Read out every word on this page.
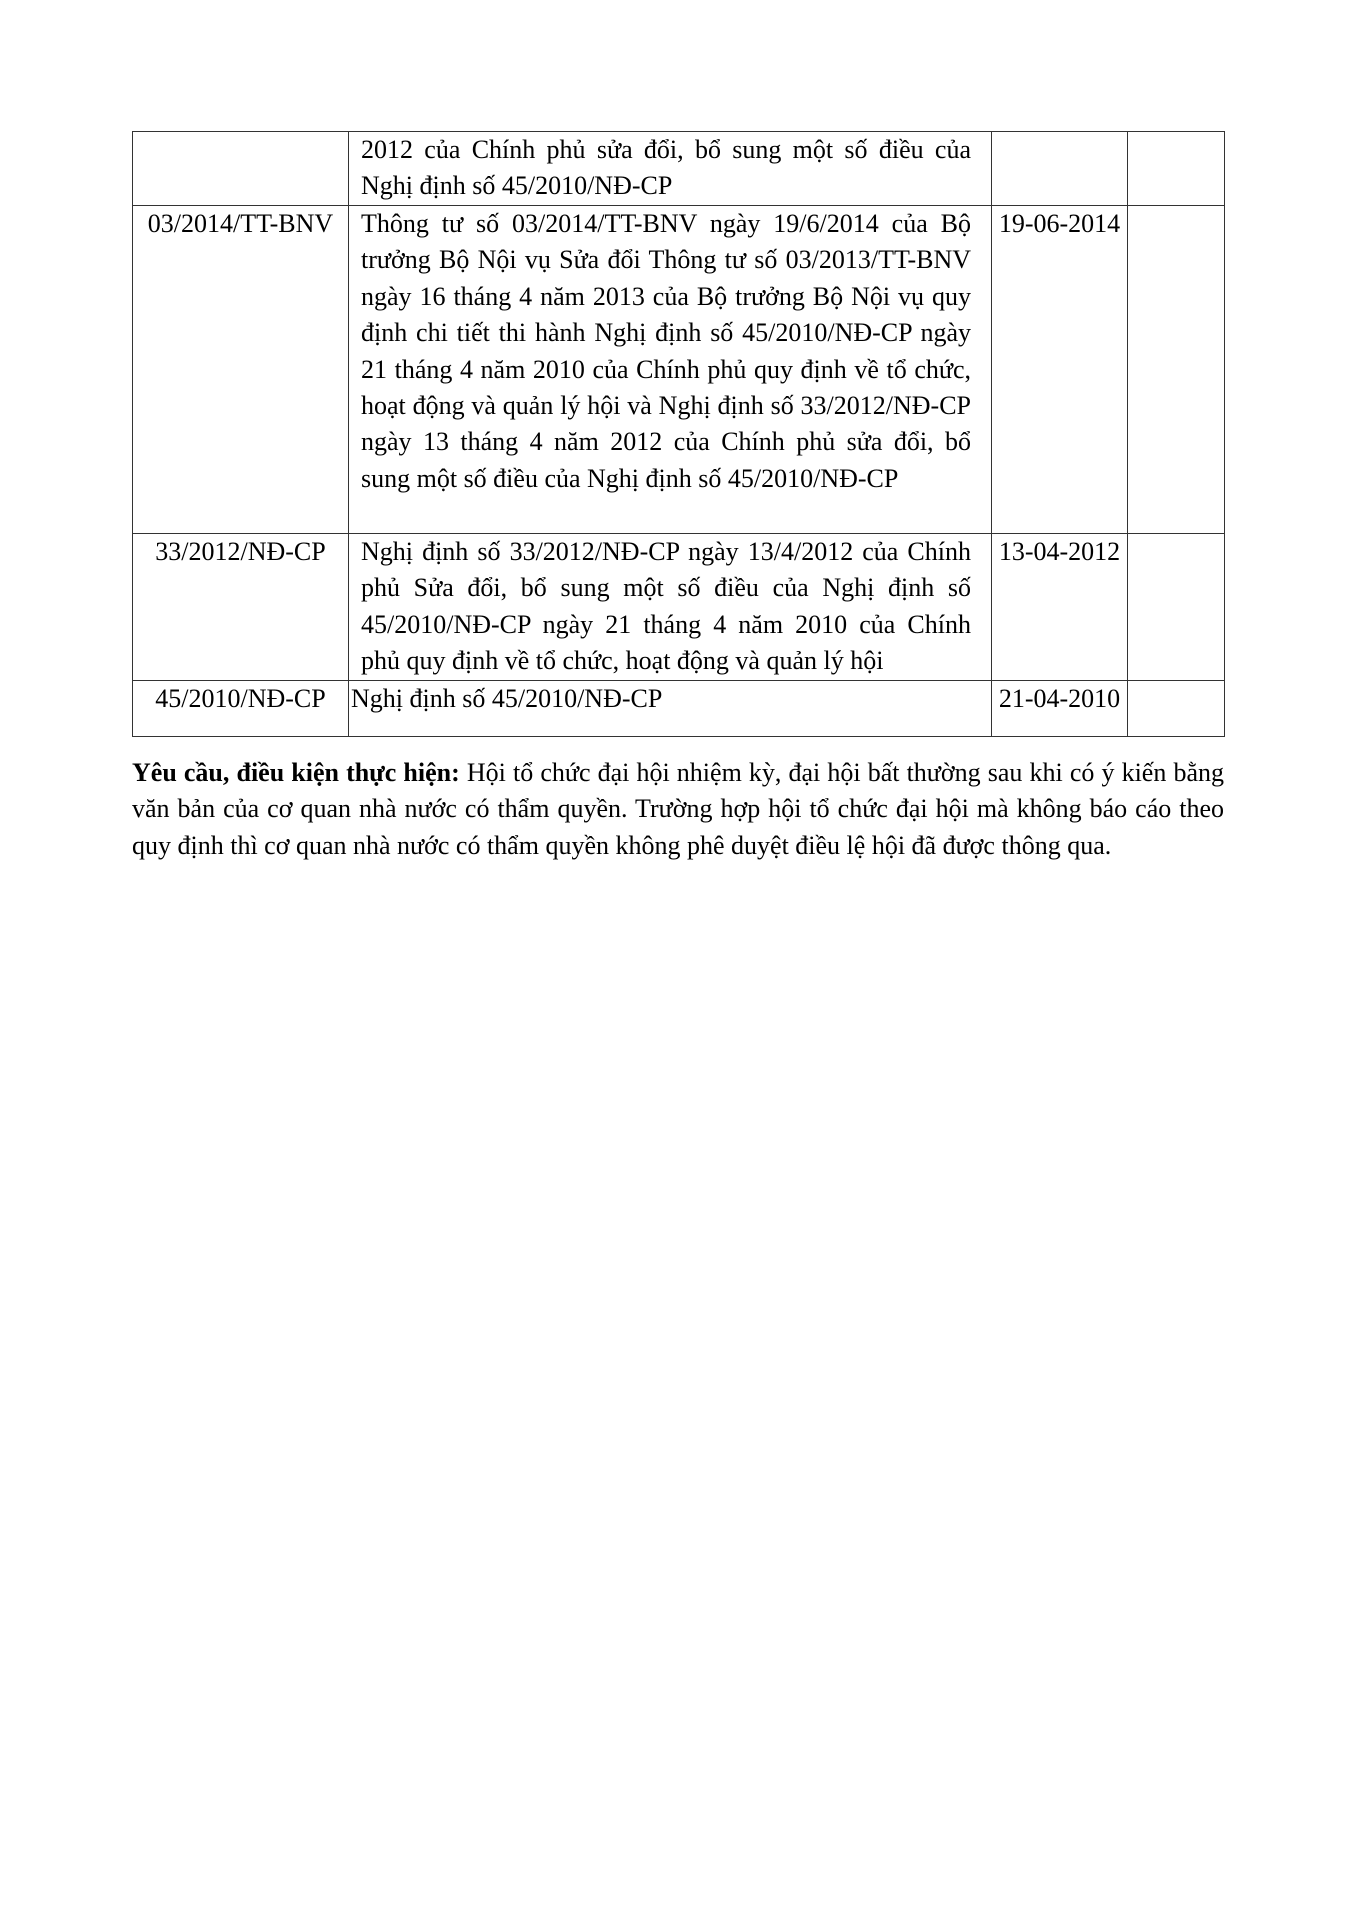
	2012 của Chính phủ sửa đổi, bổ sung một số điều của Nghị định số 45/2010/NĐ-CP		
03/2014/TT-BNV	Thông tư số 03/2014/TT-BNV ngày 19/6/2014 của Bộ trưởng Bộ Nội vụ Sửa đổi Thông tư số 03/2013/TT-BNV ngày 16 tháng 4 năm 2013 của Bộ trưởng Bộ Nội vụ quy định chi tiết thi hành Nghị định số 45/2010/NĐ-CP ngày 21 tháng 4 năm 2010 của Chính phủ quy định về tổ chức, hoạt động và quản lý hội và Nghị định số 33/2012/NĐ-CP ngày 13 tháng 4 năm 2012 của Chính phủ sửa đổi, bổ sung một số điều của Nghị định số 45/2010/NĐ-CP	19-06-2014	
33/2012/NĐ-CP	Nghị định số 33/2012/NĐ-CP ngày 13/4/2012 của Chính phủ Sửa đổi, bổ sung một số điều của Nghị định số 45/2010/NĐ-CP ngày 21 tháng 4 năm 2010 của Chính phủ quy định về tổ chức, hoạt động và quản lý hội	13-04-2012	
45/2010/NĐ-CP	Nghị định số 45/2010/NĐ-CP	21-04-2010	

Yêu cầu, điều kiện thực hiện: Hội tổ chức đại hội nhiệm kỳ, đại hội bất thường sau khi có ý kiến bằng văn bản của cơ quan nhà nước có thẩm quyền. Trường hợp hội tổ chức đại hội mà không báo cáo theo quy định thì cơ quan nhà nước có thẩm quyền không phê duyệt điều lệ hội đã được thông qua.
